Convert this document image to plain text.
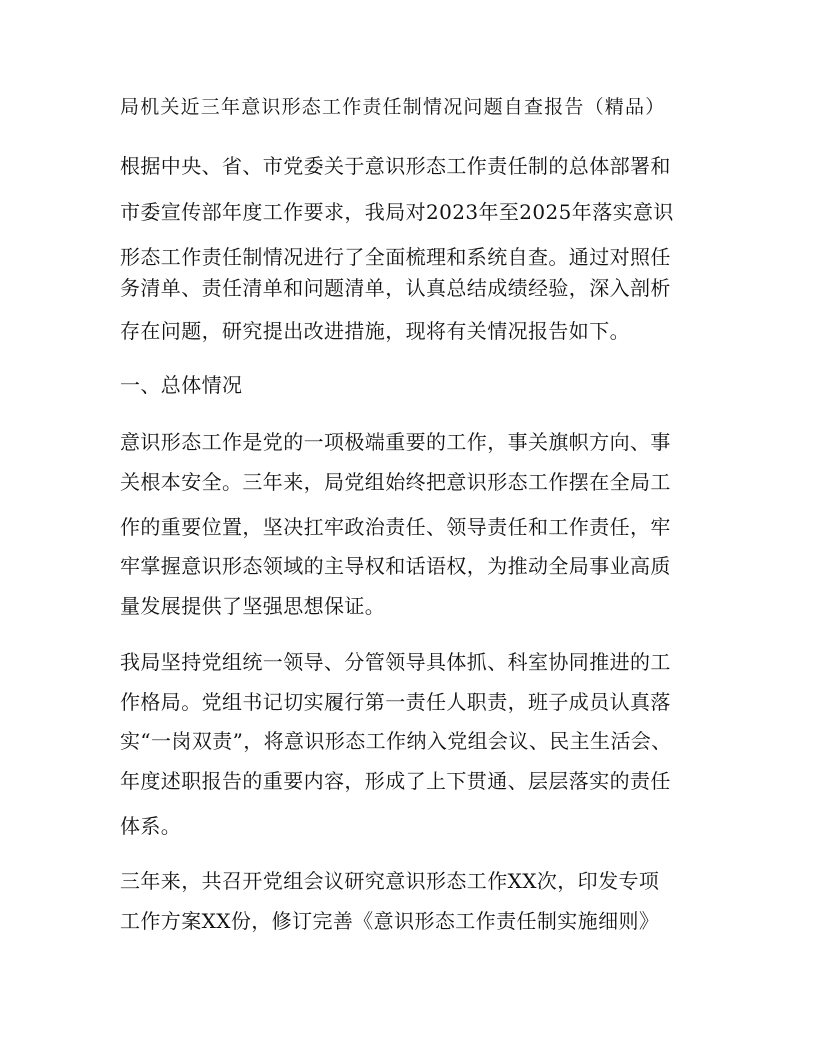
局机关近三年意识形态工作责任制情况问题自查报告（精品）

根据中央、省、市党委关于意识形态工作责任制的总体部署和

市委宣传部年度工作要求，我局对2023年至2025年落实意识

形态工作责任制情况进行了全面梳理和系统自查。通过对照任

务清单、责任清单和问题清单，认真总结成绩经验，深入剖析

存在问题，研究提出改进措施，现将有关情况报告如下。

一、总体情况

意识形态工作是党的一项极端重要的工作，事关旗帜方向、事

关根本安全。三年来，局党组始终把意识形态工作摆在全局工

作的重要位置，坚决扛牢政治责任、领导责任和工作责任，牢

牢掌握意识形态领域的主导权和话语权，为推动全局事业高质

量发展提供了坚强思想保证。

我局坚持党组统一领导、分管领导具体抓、科室协同推进的工

作格局。党组书记切实履行第一责任人职责，班子成员认真落

实“一岗双责”，将意识形态工作纳入党组会议、民主生活会、

年度述职报告的重要内容，形成了上下贯通、层层落实的责任

体系。

三年来，共召开党组会议研究意识形态工作XX次，印发专项

工作方案XX份，修订完善《意识形态工作责任制实施细则》
